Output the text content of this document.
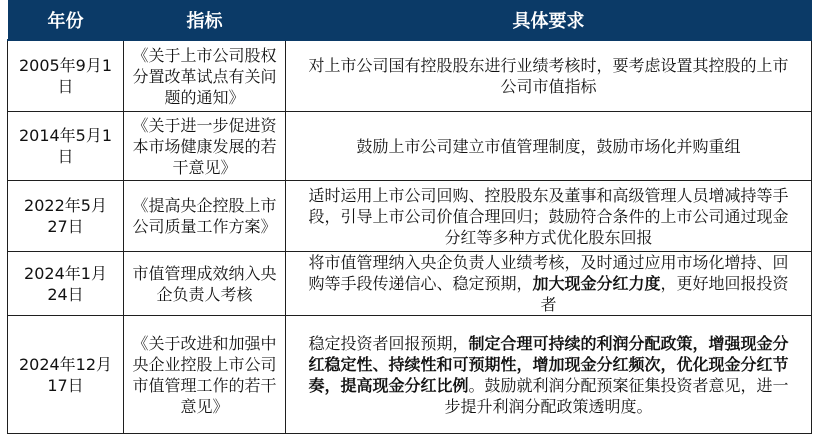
年份	指标	具体要求
2005年9月1日	《关于上市公司股权分置改革试点有关问题的通知》	对上市公司国有控股股东进行业绩考核时，要考虑设置其控股的上市公司市值指标
2014年5月1日	《关于进一步促进资本市场健康发展的若干意见》	鼓励上市公司建立市值管理制度，鼓励市场化并购重组
2022年5月27日	《提高央企控股上市公司质量工作方案》	适时运用上市公司回购、控股股东及董事和高级管理人员增减持等手段，引导上市公司价值合理回归；鼓励符合条件的上市公司通过现金分红等多种方式优化股东回报
2024年1月24日	市值管理成效纳入央企负责人考核	将市值管理纳入央企负责人业绩考核，及时通过应用市场化增持、回购等手段传递信心、稳定预期，加大现金分红力度，更好地回报投资者
2024年12月17日	《关于改进和加强中央企业控股上市公司市值管理工作的若干意见》	稳定投资者回报预期，制定合理可持续的利润分配政策，增强现金分红稳定性、持续性和可预期性，增加现金分红频次，优化现金分红节奏，提高现金分红比例。鼓励就利润分配预案征集投资者意见，进一步提升利润分配政策透明度。
